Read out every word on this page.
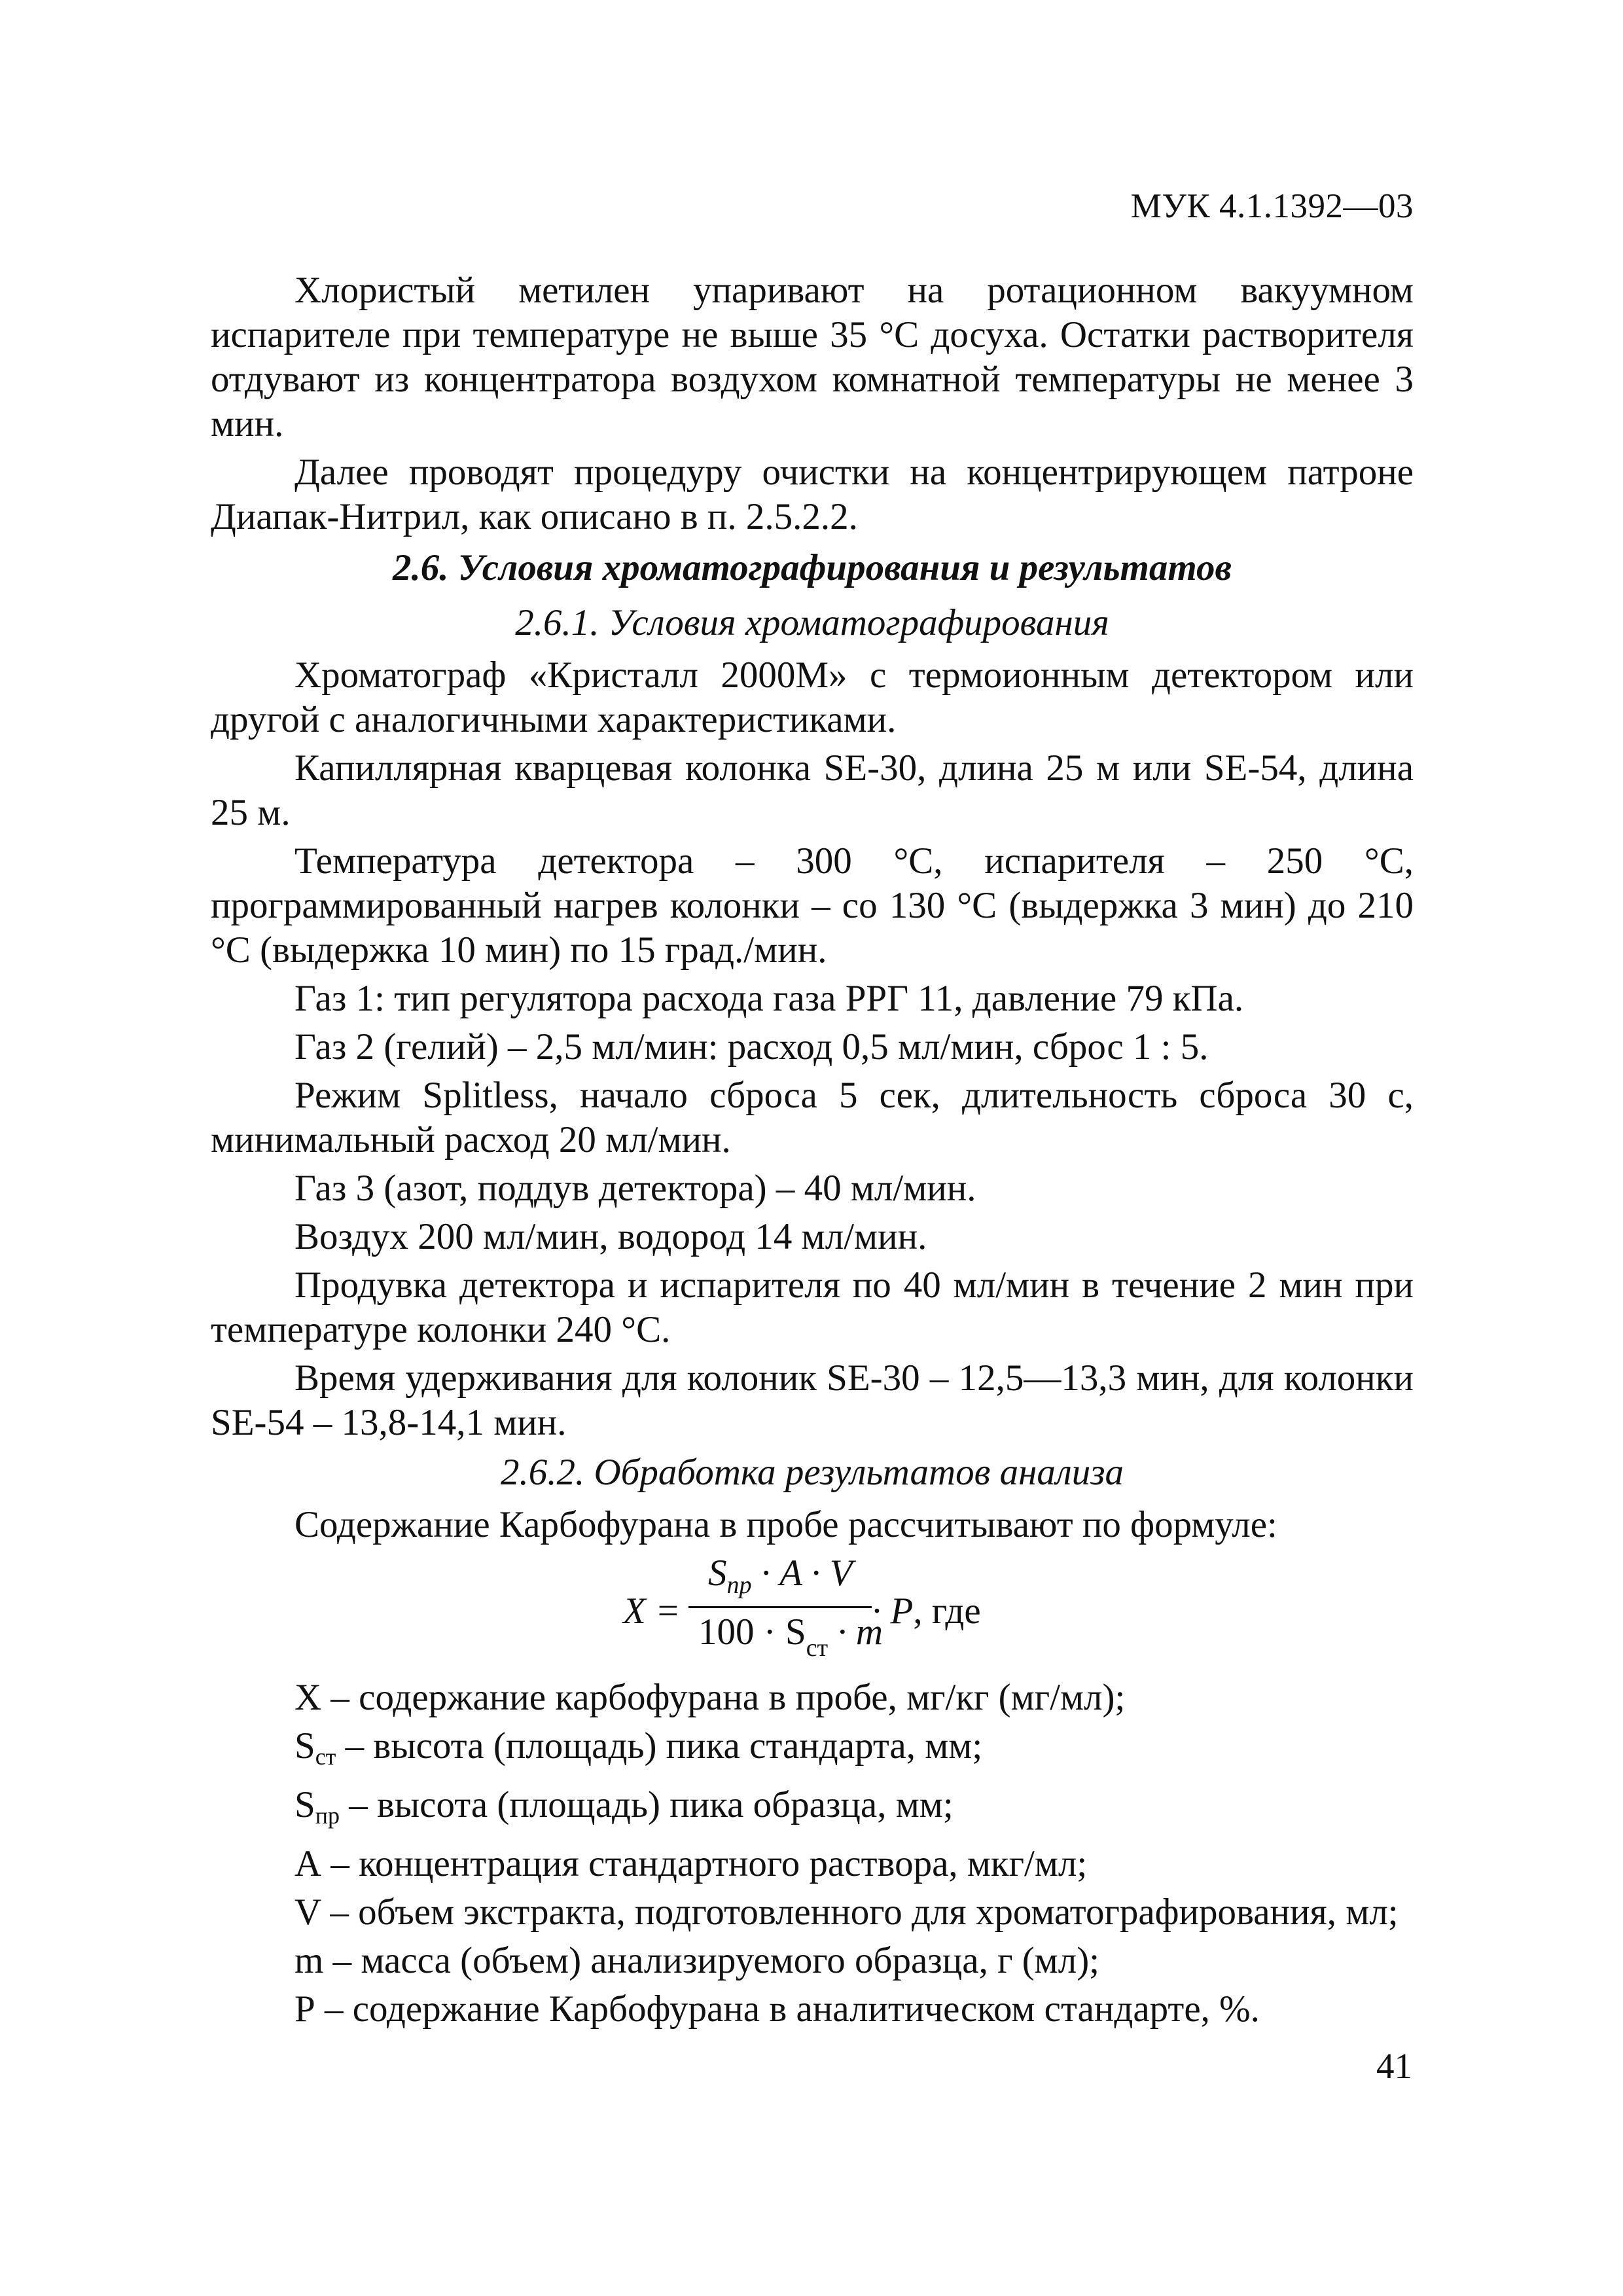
МУК 4.1.1392—03

Хлористый метилен упаривают на ротационном вакуумном испарителе при температуре не выше 35 °С досуха. Остатки растворителя отдувают из концентратора воздухом комнатной температуры не менее 3 мин.

Далее проводят процедуру очистки на концентрирующем патроне Диапак-Нитрил, как описано в п. 2.5.2.2.

2.6. Условия хроматографирования и результатов
2.6.1. Условия хроматографирования

Хроматограф «Кристалл 2000М» с термоионным детектором или другой с аналогичными характеристиками.

Капиллярная кварцевая колонка SE-30, длина 25 м или SE-54, длина 25 м.

Температура детектора – 300 °С, испарителя – 250 °С, программированный нагрев колонки – со 130 °С (выдержка 3 мин) до 210 °С (выдержка 10 мин) по 15 град./мин.

Газ 1: тип регулятора расхода газа РРГ 11, давление 79 кПа.

Газ 2 (гелий) – 2,5 мл/мин: расход 0,5 мл/мин, сброс 1 : 5.

Режим Splitless, начало сброса 5 сек, длительность сброса 30 с, минимальный расход 20 мл/мин.

Газ 3 (азот, поддув детектора) – 40 мл/мин.

Воздух 200 мл/мин, водород 14 мл/мин.

Продувка детектора и испарителя по 40 мл/мин в течение 2 мин при температуре колонки 240 °С.

Время удерживания для колоник SE-30 – 12,5—13,3 мин, для колонки SE-54 – 13,8-14,1 мин.

2.6.2. Обработка результатов анализа

Содержание Карбофурана в пробе рассчитывают по формуле:

X =
$S_{пр} \cdot A \cdot V$
$100 \cdot S_{ст} \cdot m$
· P, где

X – содержание карбофурана в пробе, мг/кг (мг/мл);

Sст – высота (площадь) пика стандарта, мм;

Sпр – высота (площадь) пика образца, мм;

А – концентрация стандартного раствора, мкг/мл;

V – объем экстракта, подготовленного для хроматографирования, мл;

m – масса (объем) анализируемого образца, г (мл);

Р – содержание Карбофурана в аналитическом стандарте, %.

41
